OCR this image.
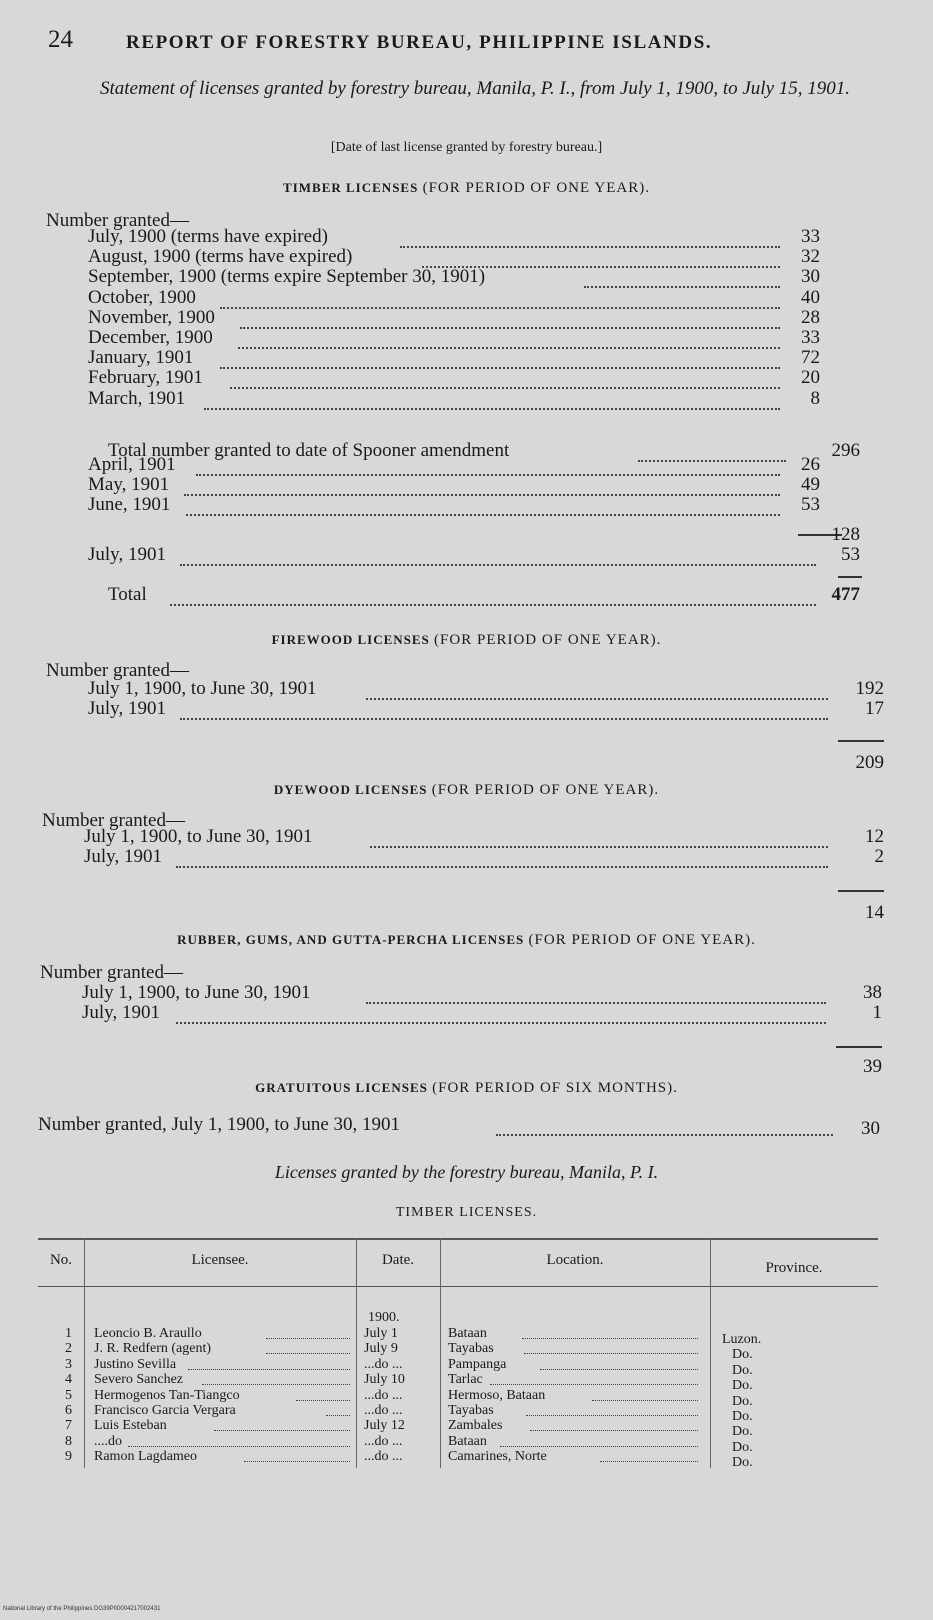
24	REPORT OF FORESTRY BUREAU, PHILIPPINE ISLANDS.
Statement of licenses granted by forestry bureau, Manila, P. I., from July 1, 1900, to July 15, 1901.
[Date of last license granted by forestry bureau.]
TIMBER LICENSES (FOR PERIOD OF ONE YEAR).
Number granted—
July, 1900 (terms have expired)	33
August, 1900 (terms have expired)	32
September, 1900 (terms expire September 30, 1901)	30
October, 1900	40
November, 1900	28
December, 1900	33
January, 1901	72
February, 1901	20
March, 1901	8
Total number granted to date of Spooner amendment	296
April, 1901	26
May, 1901	49
June, 1901	53
128
July, 1901	53
Total	477
FIREWOOD LICENSES (FOR PERIOD OF ONE YEAR).
Number granted—
July 1, 1900, to June 30, 1901	192
July, 1901	17
209
DYEWOOD LICENSES (FOR PERIOD OF ONE YEAR).
Number granted—
July 1, 1900, to June 30, 1901	12
July, 1901	2
14
RUBBER, GUMS, AND GUTTA-PERCHA LICENSES (FOR PERIOD OF ONE YEAR).
Number granted—
July 1, 1900, to June 30, 1901	38
July, 1901	1
39
GRATUITOUS LICENSES (FOR PERIOD OF SIX MONTHS).
Number granted, July 1, 1900, to June 30, 1901	30
Licenses granted by the forestry bureau, Manila, P. I.
TIMBER LICENSES.
No.	Licensee.	Date.	Location.	Province.
1900.
1 Leoncio B. Araullo	July 1	Bataan	Luzon.
2 J. R. Redfern (agent)	July 9	Tayabas	Do.
3 Justino Sevilla	...do ...	Pampanga	Do.
4 Severo Sanchez	July 10	Tarlac	Do.
5 Hermogenos Tan-Tiangco	...do ...	Hermoso, Bataan	Do.
6 Francisco Garcia Vergara	...do ...	Tayabas	Do.
7 Luis Esteban	July 12	Zambales	Do.
8 ....do	...do ...	Bataan	Do.
9 Ramon Lagdameo	...do ...	Camarines, Norte	Do.
National Library of the Philippines DG39P00004217002431
